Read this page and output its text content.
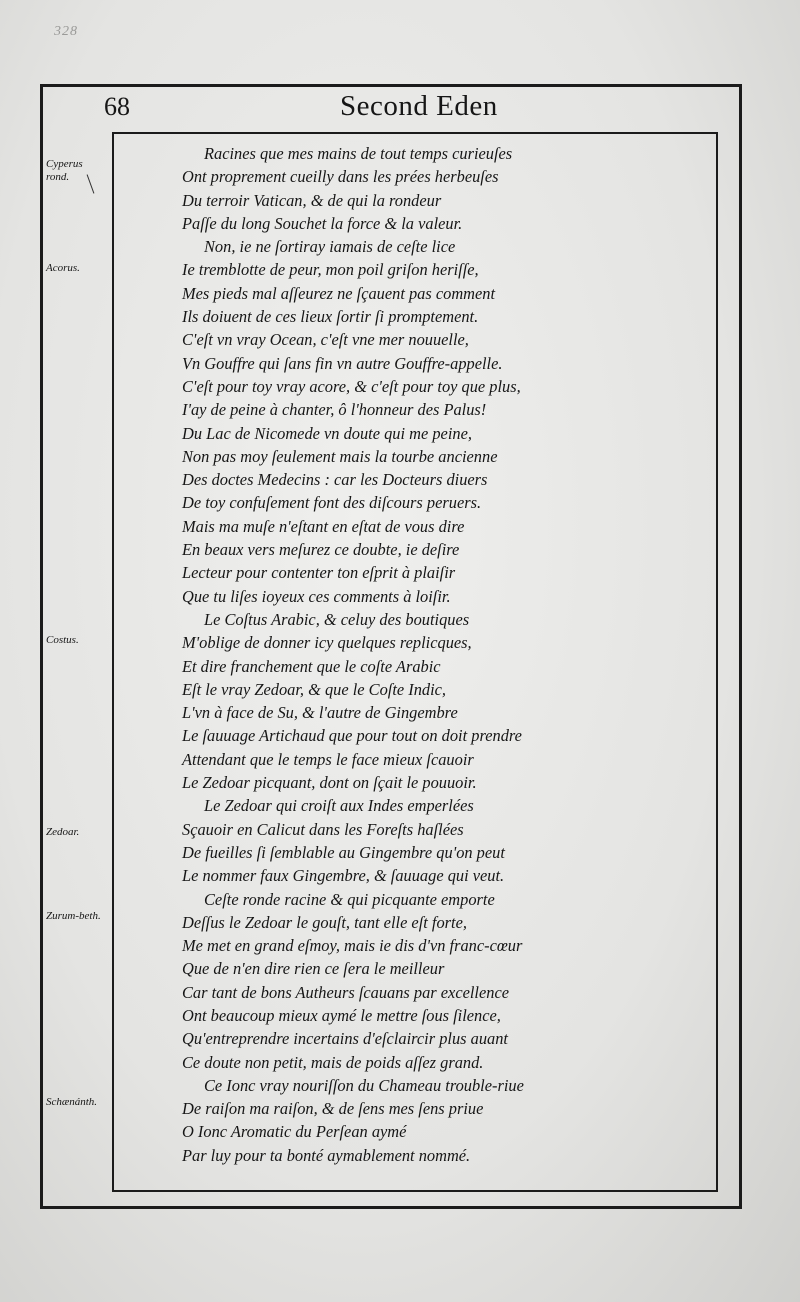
328
68	Second Eden
Cyperus rond.
Acorus.
Costus.
Zedoar.
Zurum-beth.
Schænánth.
Racines que mes mains de tout temps curieuſes
Ont proprement cueilly dans les prées herbeuſes
Du terroir Vatican, & de qui la rondeur
Paſſe du long Souchet la force & la valeur.
Non, ie ne ſortiray iamais de ceſte lice
Ie tremblotte de peur, mon poil griſon heriſſe,
Mes pieds mal aſſeurez ne ſçauent pas comment
Ils doiuent de ces lieux ſortir ſi promptement.
C'eſt vn vray Ocean, c'eſt vne mer nouuelle,
Vn Gouffre qui ſans fin vn autre Gouffre-appelle.
C'eſt pour toy vray acore, & c'eſt pour toy que plus,
I'ay de peine à chanter, ô l'honneur des Palus!
Du Lac de Nicomede vn doute qui me peine,
Non pas moy ſeulement mais la tourbe ancienne
Des doctes Medecins : car les Docteurs diuers
De toy confuſement font des diſcours peruers.
Mais ma muſe n'eſtant en eſtat de vous dire
En beaux vers meſurez ce doubte, ie deſire
Lecteur pour contenter ton eſprit à plaiſir
Que tu liſes ioyeux ces comments à loiſir.
Le Coſtus Arabic, & celuy des boutiques
M'oblige de donner icy quelques replicques,
Et dire franchement que le coſte Arabic
Eſt le vray Zedoar, & que le Coſte Indic,
L'vn à face de Su, & l'autre de Gingembre
Le ſauuage Artichaud que pour tout on doit prendre
Attendant que le temps le face mieux ſcauoir
Le Zedoar picquant, dont on ſçait le pouuoir.
Le Zedoar qui croiſt aux Indes emperlées
Sçauoir en Calicut dans les Foreſts haſlées
De fueilles ſi ſemblable au Gingembre qu'on peut
Le nommer faux Gingembre, & ſauuage qui veut.
Ceſte ronde racine & qui picquante emporte
Deſſus le Zedoar le gouſt, tant elle eſt forte,
Me met en grand eſmoy, mais ie dis d'vn franc-cœur
Que de n'en dire rien ce ſera le meilleur
Car tant de bons Autheurs ſcauans par excellence
Ont beaucoup mieux aymé le mettre ſous ſilence,
Qu'entreprendre incertains d'eſclaircir plus auant
Ce doute non petit, mais de poids aſſez grand.
Ce Ionc vray nouriſſon du Chameau trouble-riue
De raiſon ma raiſon, & de ſens mes ſens priue
O Ionc Aromatic du Perſean aymé
Par luy pour ta bonté aymablement nommé.
